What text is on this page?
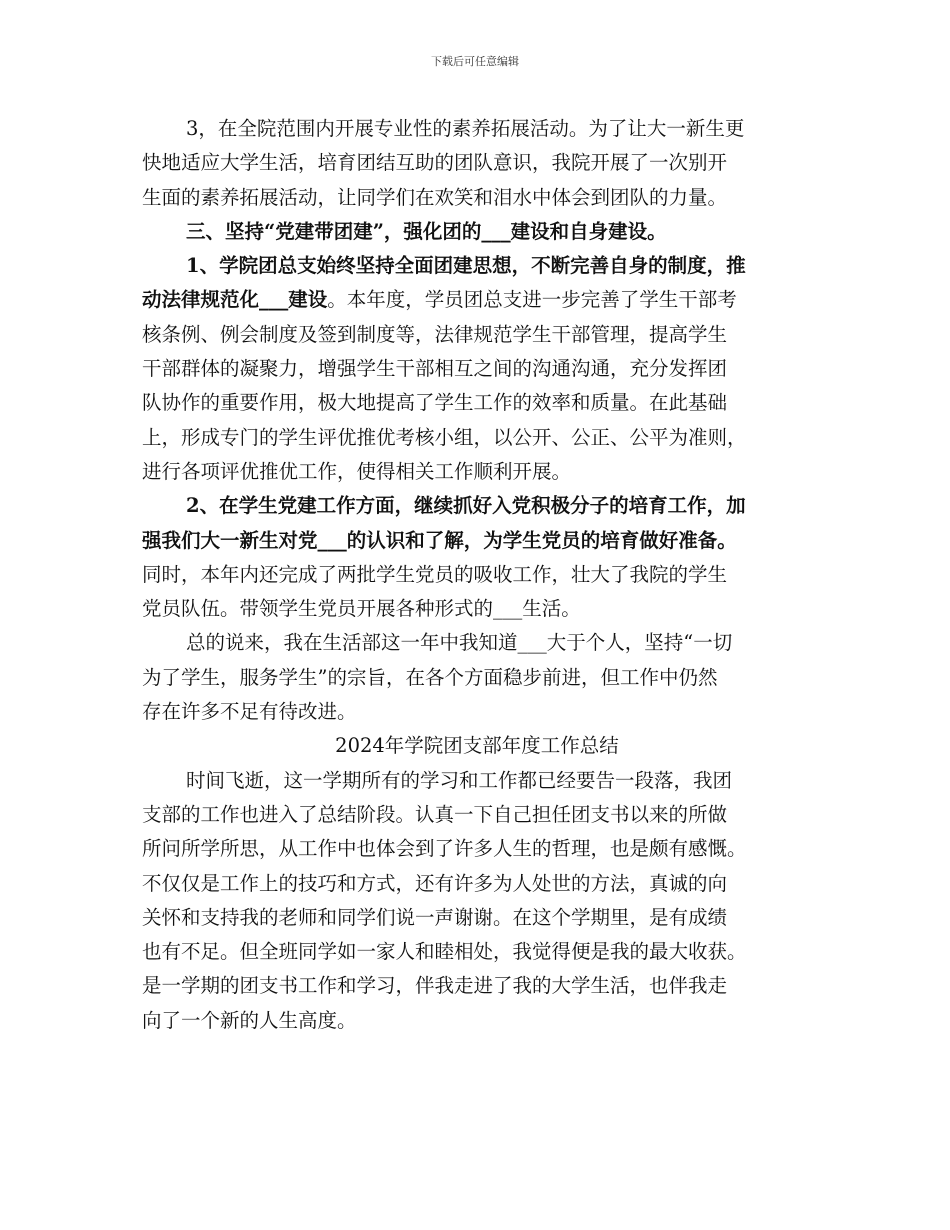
下载后可任意编辑
3，在全院范围内开展专业性的素养拓展活动。为了让大一新生更
快地适应大学生活，培育团结互助的团队意识，我院开展了一次别开
生面的素养拓展活动，让同学们在欢笑和泪水中体会到团队的力量。
三、坚持“党建带团建”，强化团的___建设和自身建设。
1、学院团总支始终坚持全面团建思想，不断完善自身的制度，推
动法律规范化___建设。本年度，学员团总支进一步完善了学生干部考
核条例、例会制度及签到制度等，法律规范学生干部管理，提高学生
干部群体的凝聚力，增强学生干部相互之间的沟通沟通，充分发挥团
队协作的重要作用，极大地提高了学生工作的效率和质量。在此基础
上，形成专门的学生评优推优考核小组，以公开、公正、公平为准则，
进行各项评优推优工作，使得相关工作顺利开展。
2、在学生党建工作方面，继续抓好入党积极分子的培育工作，加
强我们大一新生对党___的认识和了解，为学生党员的培育做好准备。
同时，本年内还完成了两批学生党员的吸收工作，壮大了我院的学生
党员队伍。带领学生党员开展各种形式的___生活。
总的说来，我在生活部这一年中我知道___大于个人，坚持“一切
为了学生，服务学生”的宗旨，在各个方面稳步前进，但工作中仍然
存在许多不足有待改进。
2024年学院团支部年度工作总结
时间飞逝，这一学期所有的学习和工作都已经要告一段落，我团
支部的工作也进入了总结阶段。认真一下自己担任团支书以来的所做
所问所学所思，从工作中也体会到了许多人生的哲理，也是颇有感慨。
不仅仅是工作上的技巧和方式，还有许多为人处世的方法，真诚的向
关怀和支持我的老师和同学们说一声谢谢。在这个学期里，是有成绩
也有不足。但全班同学如一家人和睦相处，我觉得便是我的最大收获。
是一学期的团支书工作和学习，伴我走进了我的大学生活，也伴我走
向了一个新的人生高度。
